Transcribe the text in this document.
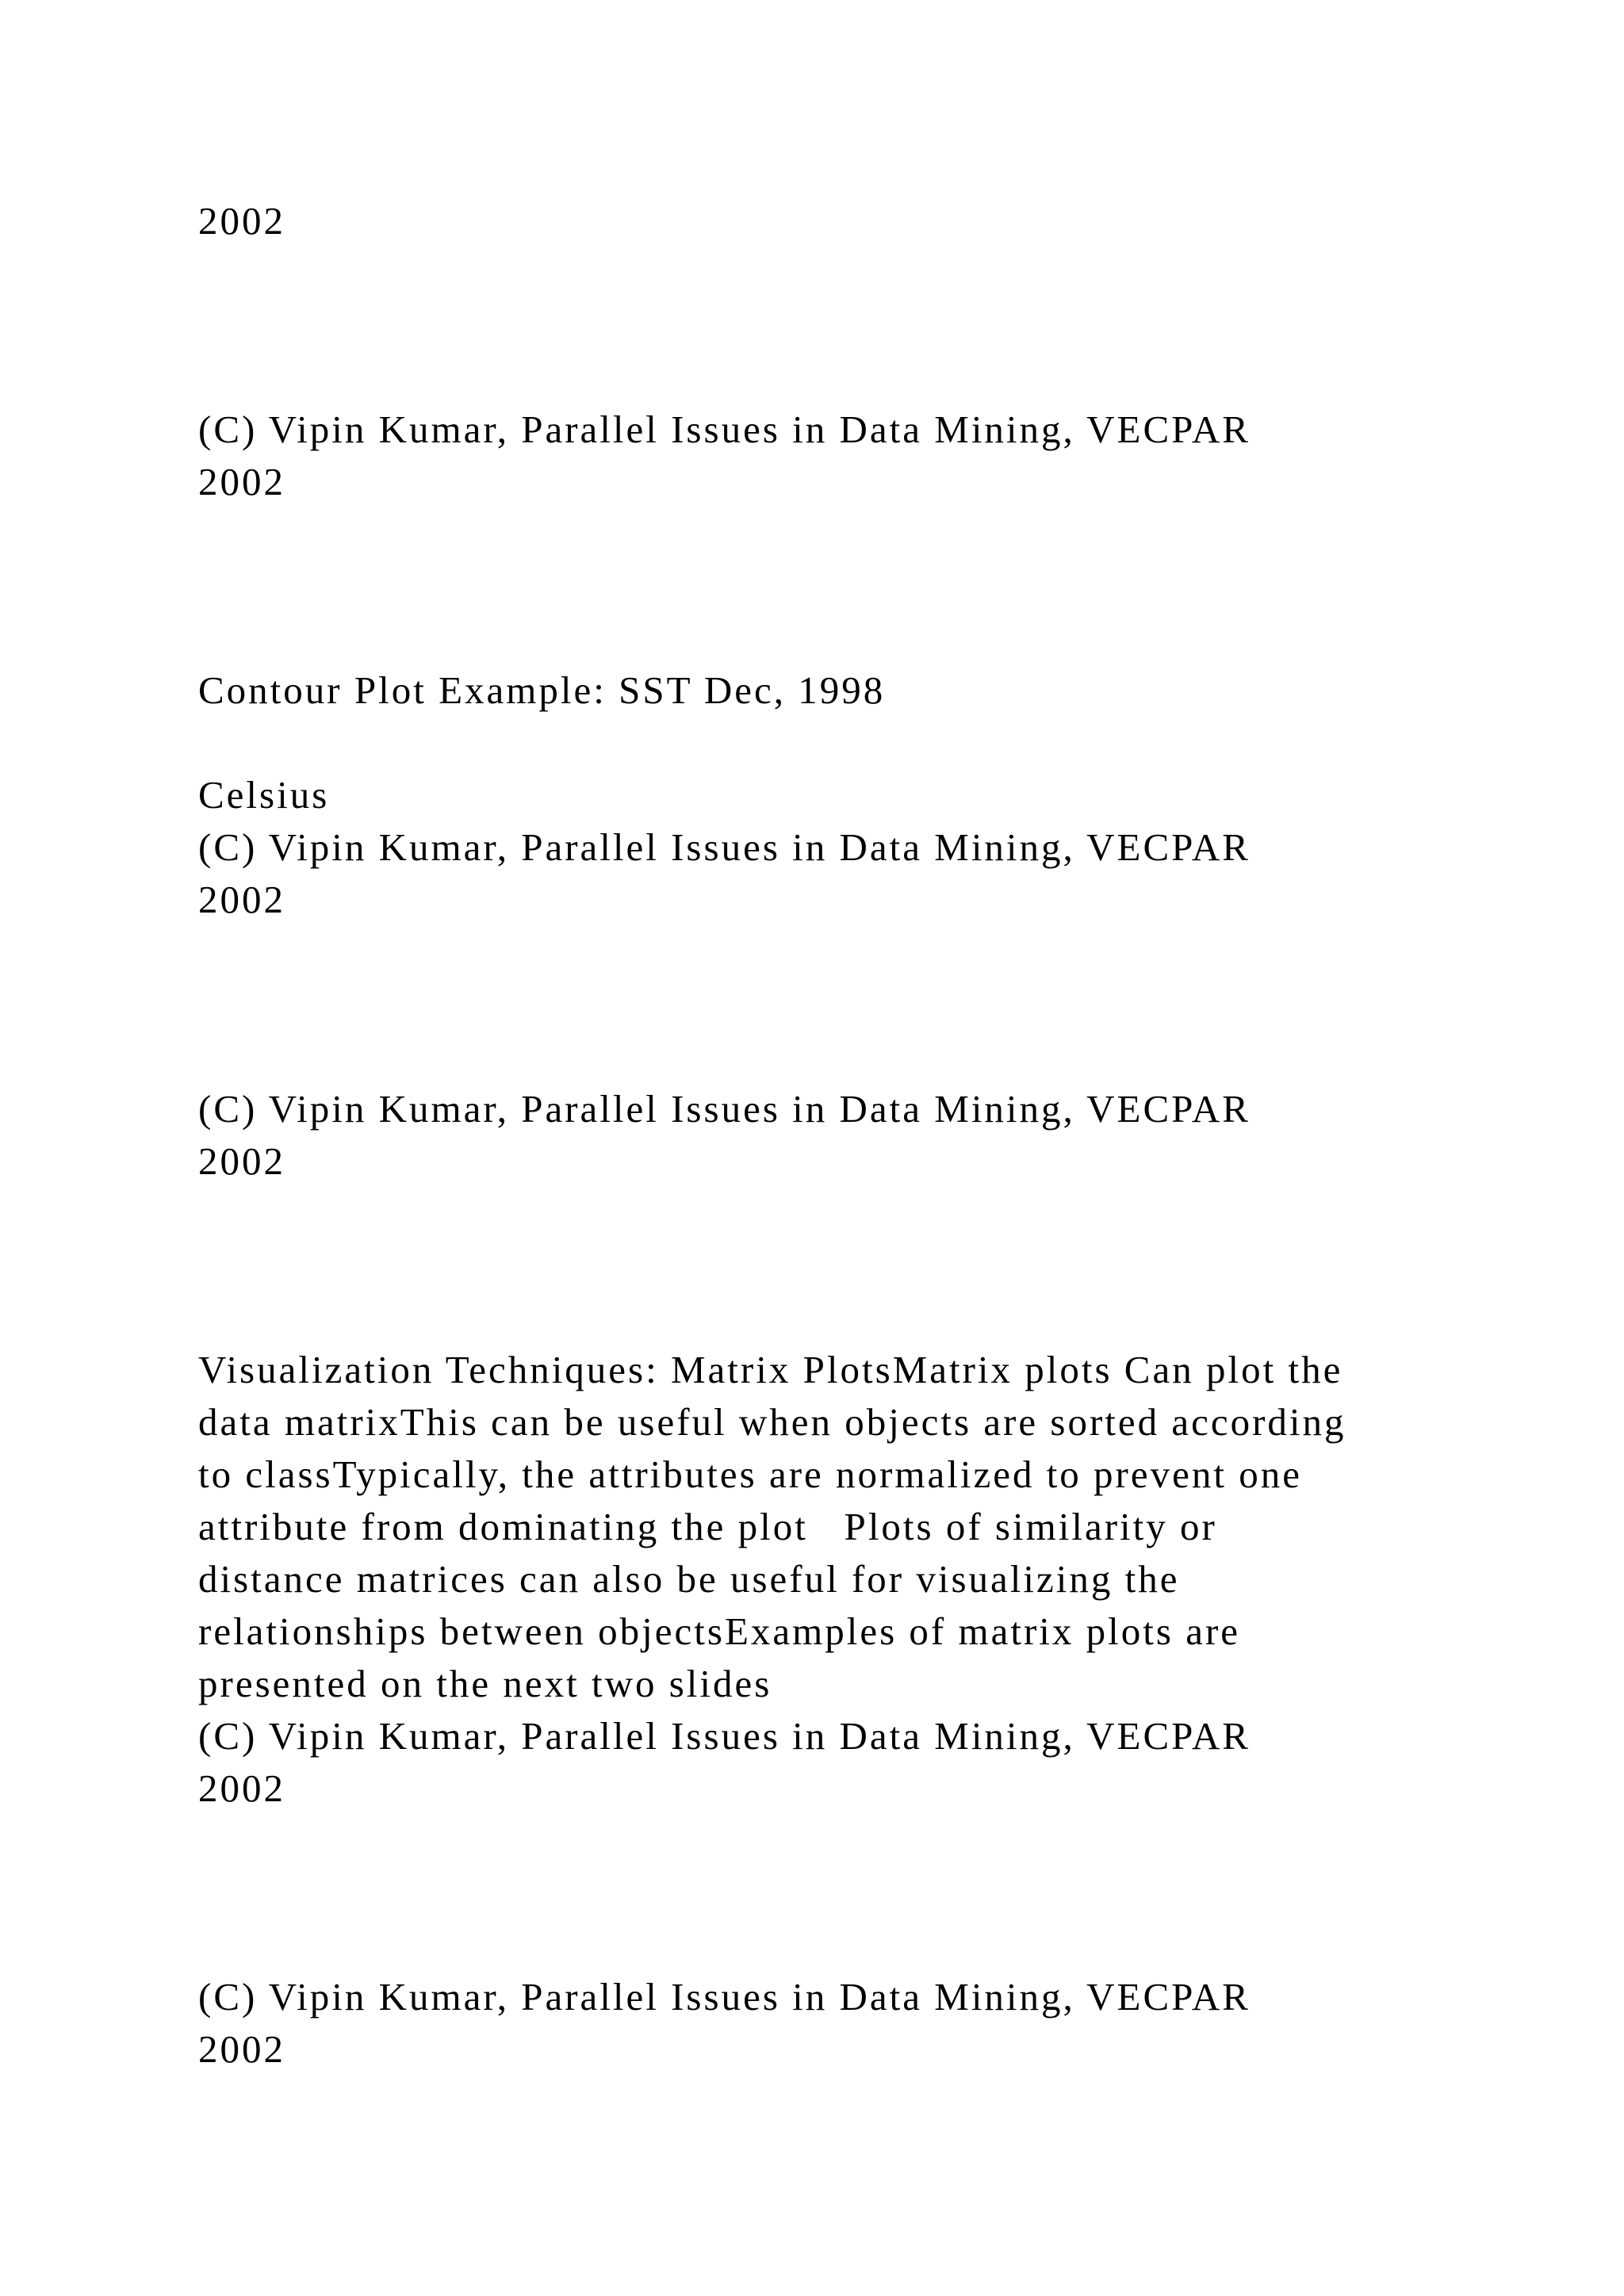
2002

(C) Vipin Kumar, Parallel Issues in Data Mining, VECPAR

2002

Contour Plot Example: SST Dec, 1998

Celsius

(C) Vipin Kumar, Parallel Issues in Data Mining, VECPAR

2002

(C) Vipin Kumar, Parallel Issues in Data Mining, VECPAR

2002

Visualization Techniques: Matrix PlotsMatrix plots Can plot the

data matrixThis can be useful when objects are sorted according

to classTypically, the attributes are normalized to prevent one

attribute from dominating the plot   Plots of similarity or

distance matrices can also be useful for visualizing the

relationships between objectsExamples of matrix plots are

presented on the next two slides

(C) Vipin Kumar, Parallel Issues in Data Mining, VECPAR

2002

(C) Vipin Kumar, Parallel Issues in Data Mining, VECPAR

2002
